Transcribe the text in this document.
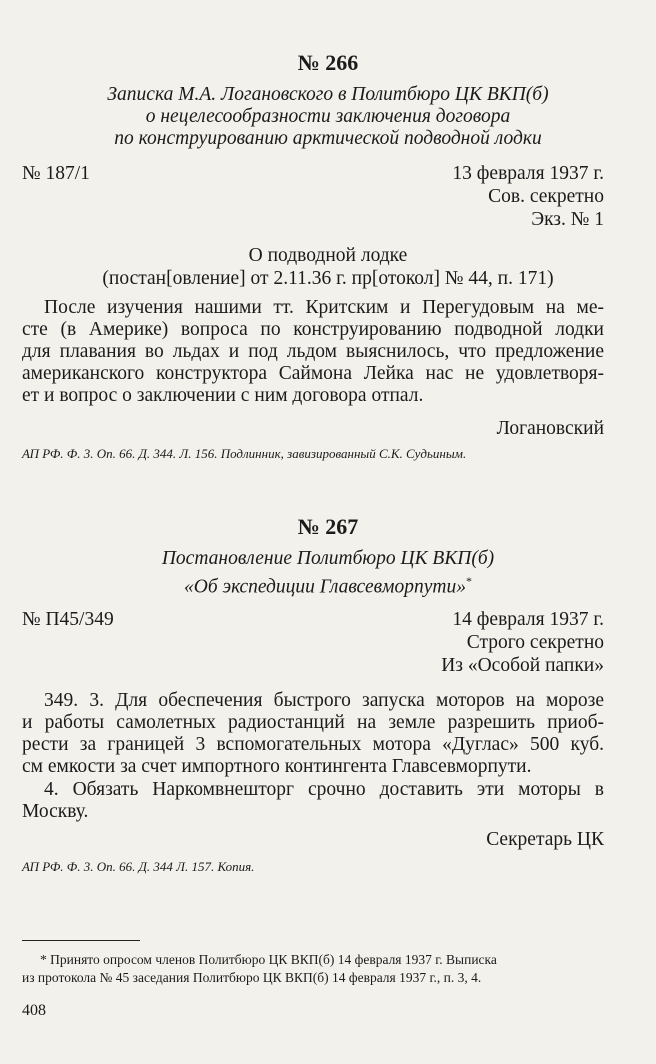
№ 266
Записка М.А. Логановского в Политбюро ЦК ВКП(б)
о нецелесообразности заключения договора
по конструированию арктической подводной лодки
№ 187/1	13 февраля 1937 г.
Сов. секретно
Экз. № 1
О подводной лодке
(постан[овление] от 2.11.36 г. пр[отокол] № 44, п. 171)
После изучения нашими тт. Критским и Перегудовым на ме-
сте (в Америке) вопроса по конструированию подводной лодки
для плавания во льдах и под льдом выяснилось, что предложение
американского конструктора Саймона Лейка нас не удовлетворя-
ет и вопрос о заключении с ним договора отпал.
Логановский
АП РФ. Ф. 3. Оп. 66. Д. 344. Л. 156. Подлинник, завизированный С.К. Судьиным.
№ 267
Постановление Политбюро ЦК ВКП(б)
«Об экспедиции Главсевморпути»*
№ П45/349	14 февраля 1937 г.
Строго секретно
Из «Особой папки»
349. 3. Для обеспечения быстрого запуска моторов на морозе
и работы самолетных радиостанций на земле разрешить приоб-
рести за границей 3 вспомогательных мотора «Дуглас» 500 куб.
см емкости за счет импортного контингента Главсевморпути.
4. Обязать Наркомвнешторг срочно доставить эти моторы в
Москву.
Секретарь ЦК
АП РФ. Ф. 3. Оп. 66. Д. 344 Л. 157. Копия.
* Принято опросом членов Политбюро ЦК ВКП(б) 14 февраля 1937 г. Выписка
из протокола № 45 заседания Политбюро ЦК ВКП(б) 14 февраля 1937 г., п. 3, 4.
408
